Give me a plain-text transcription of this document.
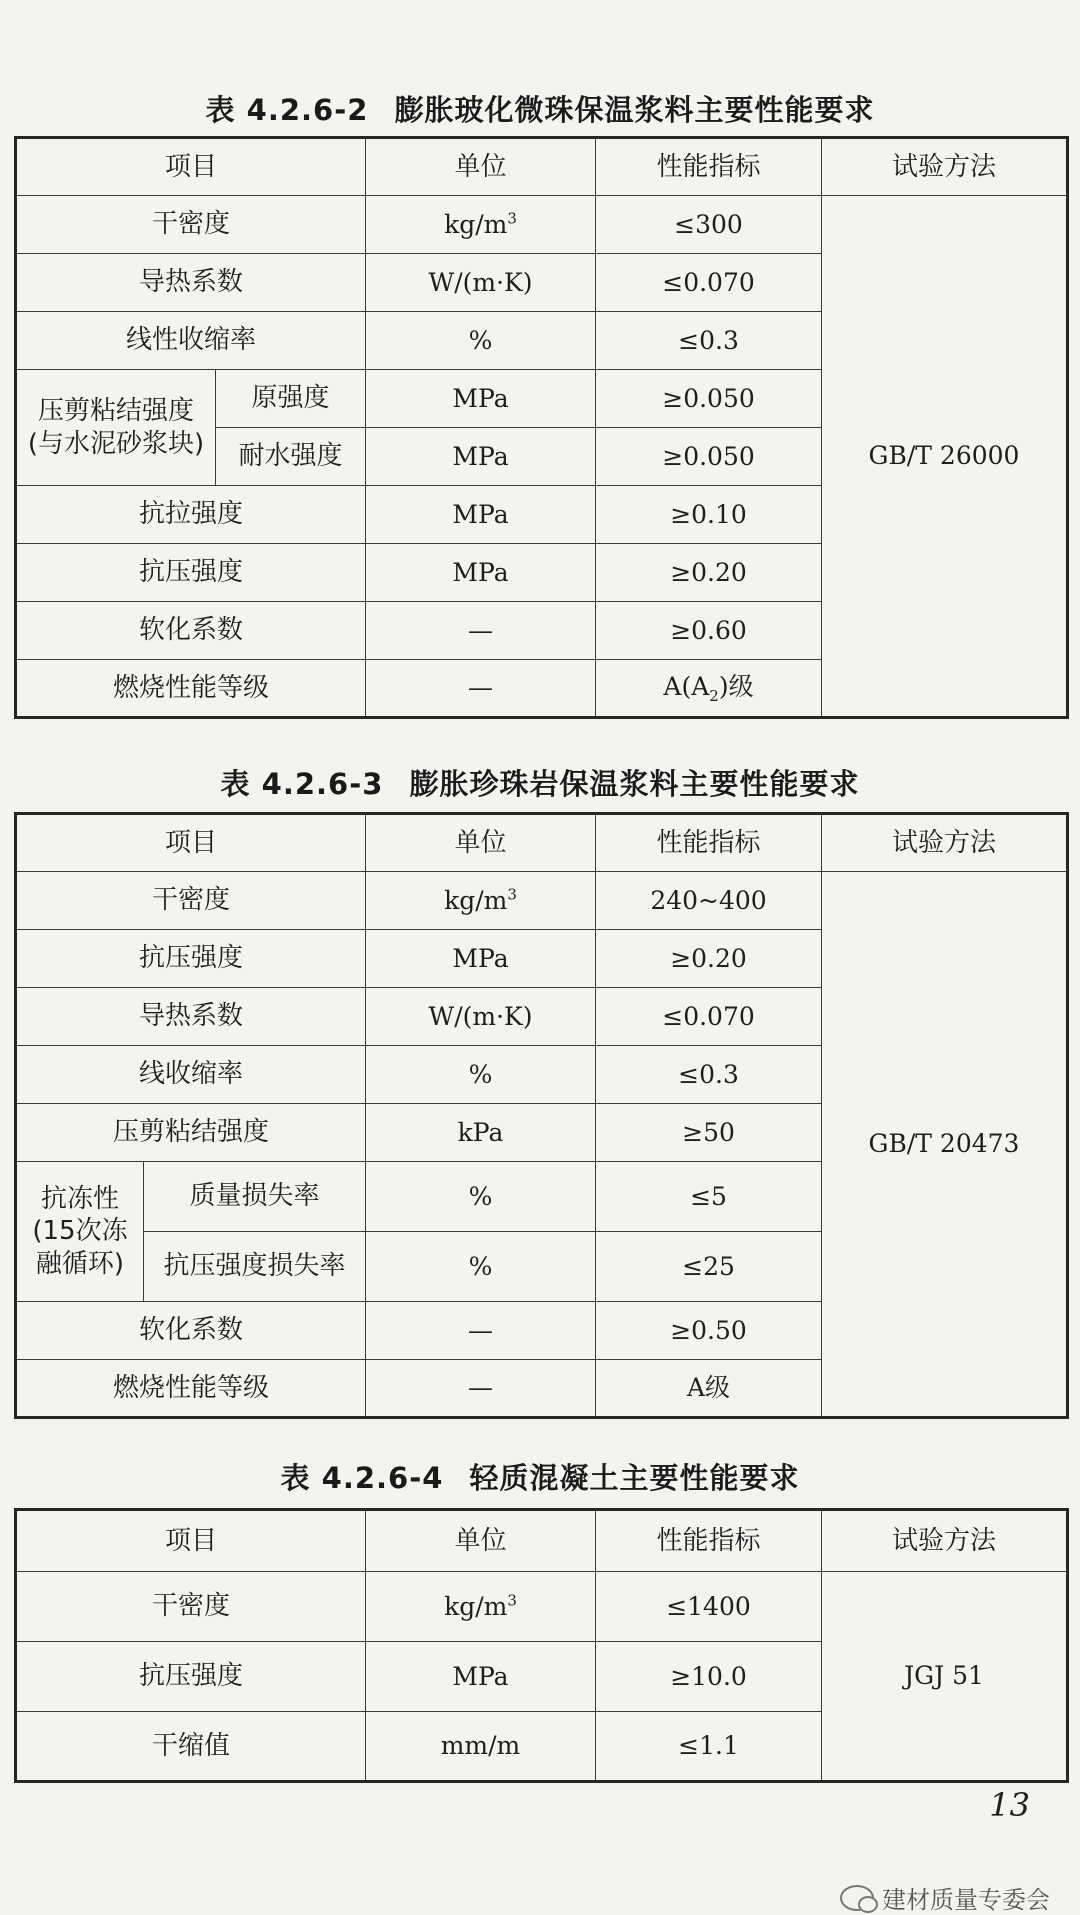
表 4.2.6-2 膨胀玻化微珠保温浆料主要性能要求
项目		单位	性能指标	试验方法
干密度		$kg/m^3$	≤300	GB/T 26000
导热系数		W/(m·K)	≤0.070	
线性收缩率		%	≤0.3	
压剪粘结强度(与水泥砂浆块)	原强度	MPa	≥0.050	
	耐水强度	MPa	≥0.050	
抗拉强度		MPa	≥0.10	
抗压强度		MPa	≥0.20	
软化系数		—	≥0.60	
燃烧性能等级		—	$A(A_2)$级	
表 4.2.6-3 膨胀珍珠岩保温浆料主要性能要求
项目		单位	性能指标	试验方法
干密度		$kg/m^3$	240~400	GB/T 20473
抗压强度		MPa	≥0.20	
导热系数		W/(m·K)	≤0.070	
线收缩率		%	≤0.3	
压剪粘结强度		kPa	≥50	
抗冻性(15次冻融循环)	质量损失率	%	≤5	
	抗压强度损失率	%	≤25	
软化系数		—	≥0.50	
燃烧性能等级		—	A级	
表 4.2.6-4 轻质混凝土主要性能要求
项目	单位	性能指标	试验方法
干密度	$kg/m^3$	≤1400	JGJ 51
抗压强度	MPa	≥10.0	
干缩值	mm/m	≤1.1	
13
建材质量专委会
